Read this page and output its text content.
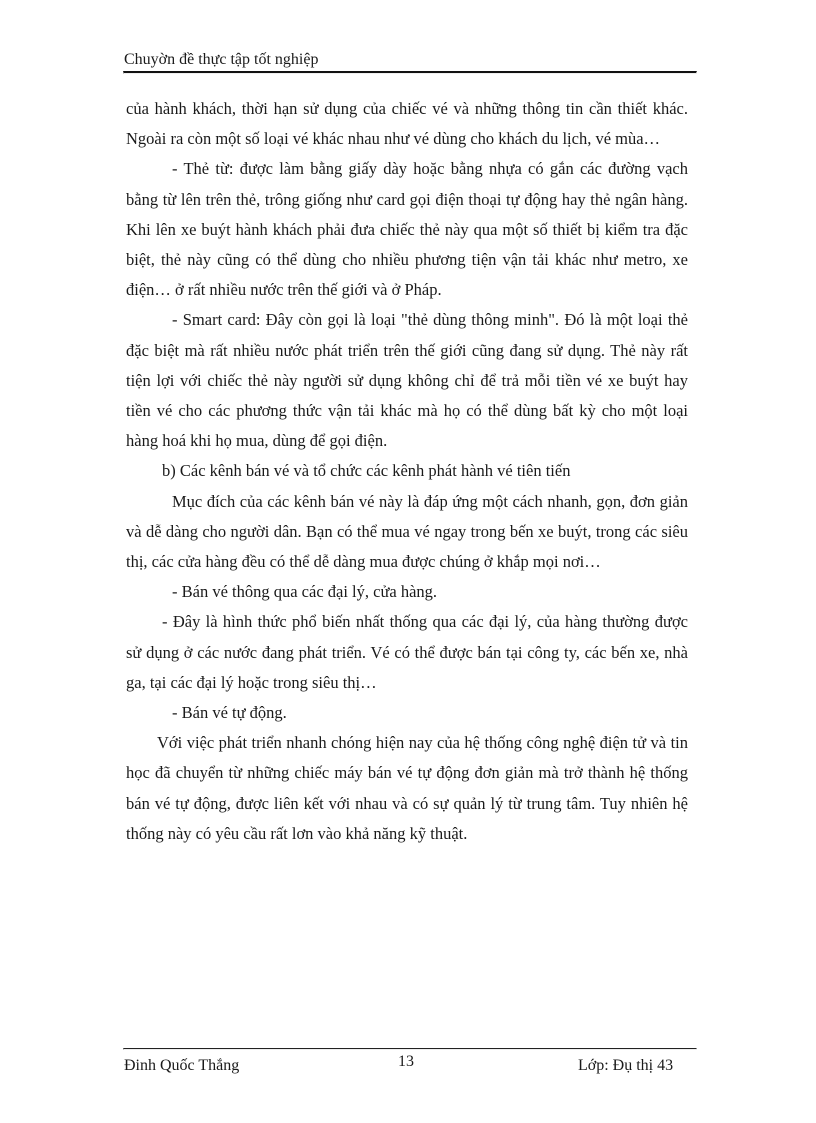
Chuyờn đề thực tập tốt nghiệp

của hành khách, thời hạn sử dụng của chiếc vé và những thông tin cần thiết khác. Ngoài ra còn một số loại vé khác nhau như vé dùng cho khách du lịch, vé mùa…

- Thẻ từ: được làm bằng giấy dày hoặc bằng nhựa có gắn các đường vạch bằng từ lên trên thẻ, trông giống như card gọi điện thoại tự động hay thẻ ngân hàng. Khi lên xe buýt hành khách phải đưa chiếc thẻ này qua một số thiết bị kiểm tra đặc biệt, thẻ này cũng có thể dùng cho nhiều phương tiện vận tải khác như metro, xe điện… ở rất nhiều nước trên thế giới và ở Pháp.

- Smart card: Đây còn gọi là loại "thẻ dùng thông minh". Đó là một loại thẻ đặc biệt mà rất nhiều nước phát triển trên thế giới cũng đang sử dụng. Thẻ này rất tiện lợi với chiếc thẻ này người sử dụng không chỉ để trả mỗi tiền vé xe buýt hay tiền vé cho các phương thức vận tải khác mà họ có thể dùng bất kỳ cho một loại hàng hoá khi họ mua, dùng để gọi điện.

b) Các kênh bán vé và tổ chức các kênh phát hành vé tiên tiến

Mục đích của các kênh bán vé này là đáp ứng một cách nhanh, gọn, đơn giản và dễ dàng cho người dân. Bạn có thể mua vé ngay trong bến xe buýt, trong các siêu thị, các cửa hàng đều có thể dễ dàng mua được chúng ở khắp mọi nơi…

- Bán vé thông qua các đại lý, cửa hàng.

- Đây là hình thức phổ biến nhất thống qua các đại lý, của hàng thường được sử dụng ở các nước đang phát triển. Vé có thể được bán tại công ty, các bến xe, nhà ga, tại các đại lý hoặc trong siêu thị…

- Bán vé tự động.

Với việc phát triển nhanh chóng hiện nay của hệ thống công nghệ điện tử và tin học đã chuyển từ những chiếc máy bán vé tự động đơn giản mà trở thành hệ thống bán vé tự động, được liên kết với nhau và có sự quản lý từ trung tâm. Tuy nhiên hệ thống này có yêu cầu rất lơn vào khả năng kỹ thuật.

Đinh Quốc Thắng	13	Lớp: Đụ thị 43
